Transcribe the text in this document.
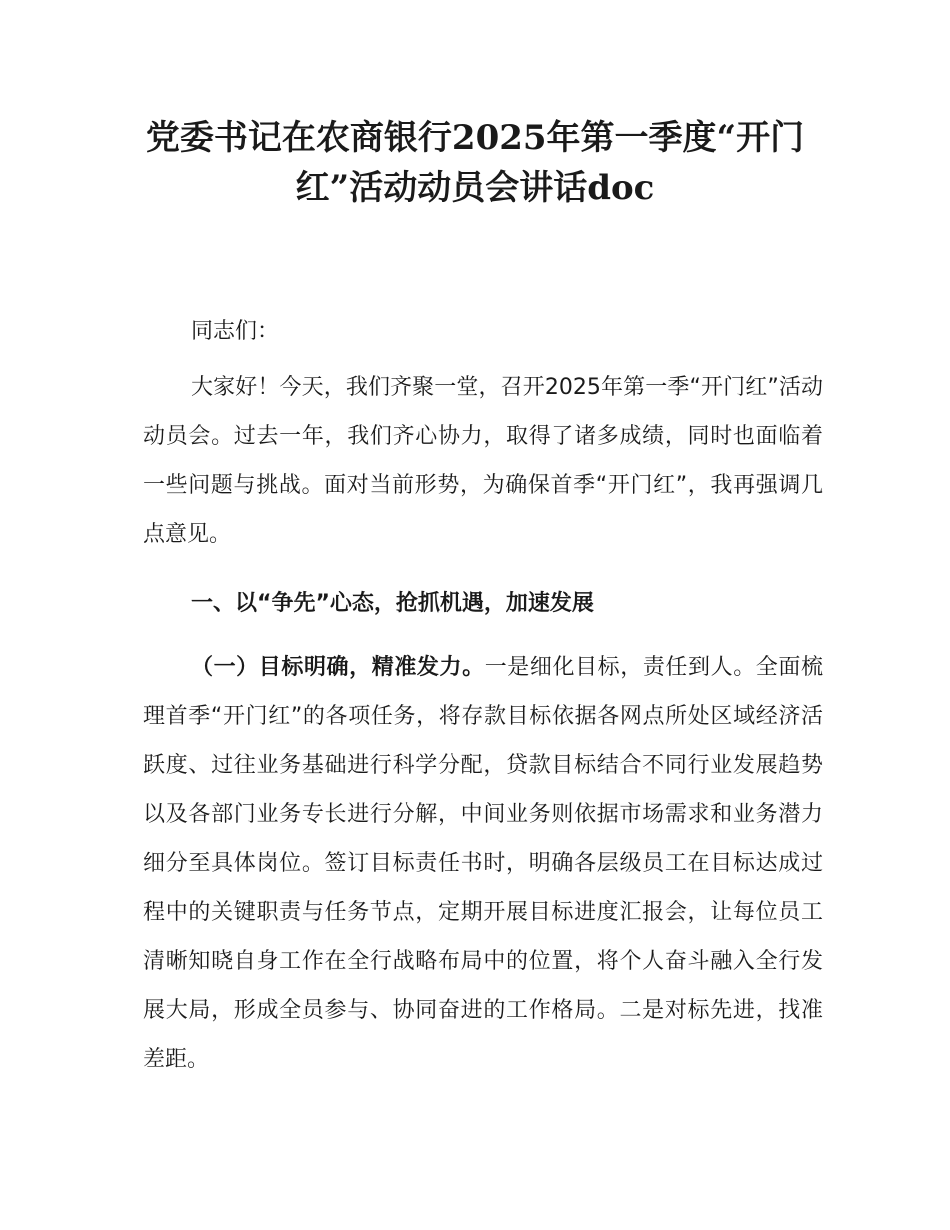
党委书记在农商银行2025年第一季度“开门
红”活动动员会讲话doc

同志们：

大家好！今天，我们齐聚一堂，召开2025年第一季“开门红”活动动员会。过去一年，我们齐心协力，取得了诸多成绩，同时也面临着一些问题与挑战。面对当前形势，为确保首季“开门红”，我再强调几点意见。

一、以“争先”心态，抢抓机遇，加速发展

（一）目标明确，精准发力。一是细化目标，责任到人。全面梳理首季“开门红”的各项任务，将存款目标依据各网点所处区域经济活跃度、过往业务基础进行科学分配，贷款目标结合不同行业发展趋势以及各部门业务专长进行分解，中间业务则依据市场需求和业务潜力细分至具体岗位。签订目标责任书时，明确各层级员工在目标达成过程中的关键职责与任务节点，定期开展目标进度汇报会，让每位员工清晰知晓自身工作在全行战略布局中的位置，将个人奋斗融入全行发展大局，形成全员参与、协同奋进的工作格局。二是对标先进，找准差距。
